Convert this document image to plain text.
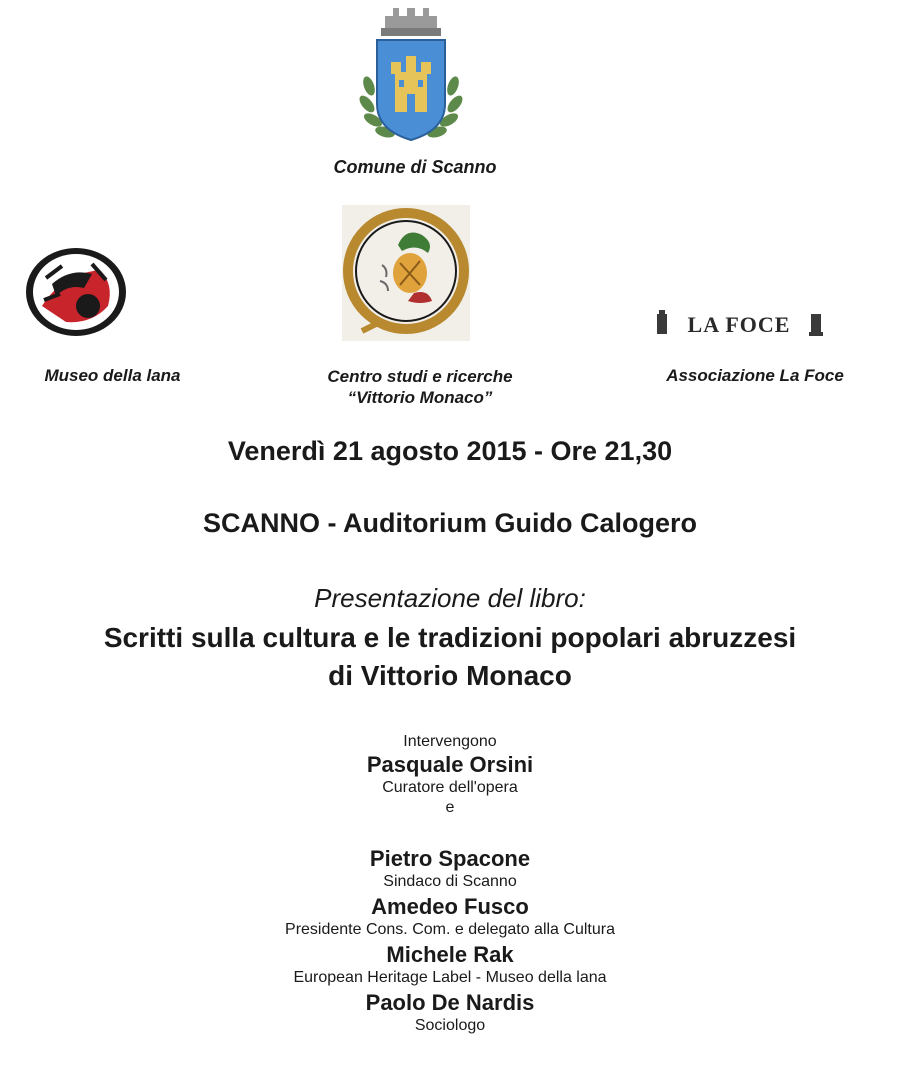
Comune di Scanno
LA FOCE
Museo della lana	Centro studi e ricerche
“Vittorio Monaco”
Associazione La Foce
Venerdì 21 agosto 2015 - Ore 21,30
SCANNO - Auditorium Guido Calogero
Presentazione del libro:
Scritti sulla cultura e le tradizioni popolari abruzzesi
di Vittorio Monaco
Intervengono
Pasquale Orsini
Curatore dell'opera
e
Pietro Spacone
Sindaco di Scanno
Amedeo Fusco
Presidente Cons. Com. e delegato alla Cultura
Michele Rak
European Heritage Label - Museo della lana
Paolo De Nardis
Sociologo
